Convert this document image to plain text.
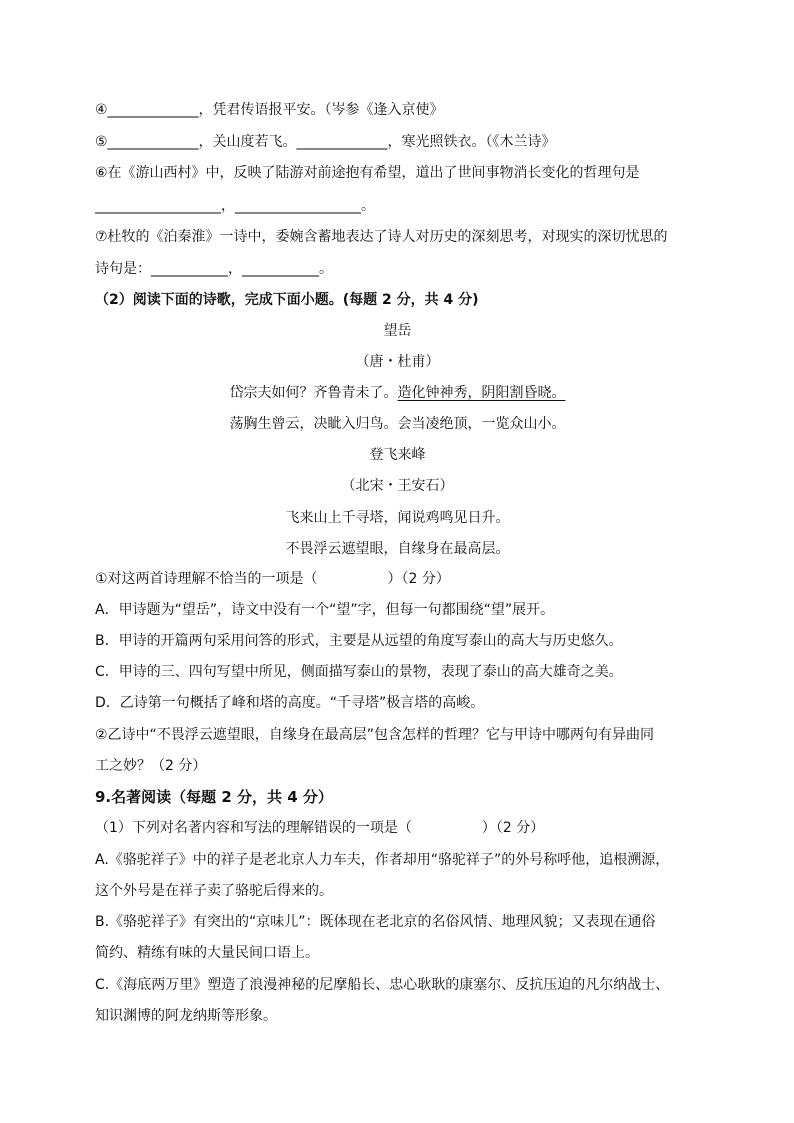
④_____________，凭君传语报平安。（岑参《逢入京使》
⑤_____________，关山度若飞。_____________，寒光照铁衣。（《木兰诗》
⑥在《游山西村》中，反映了陆游对前途抱有希望，道出了世间事物消长变化的哲理句是
__________________，__________________。
⑦杜牧的《泊秦淮》一诗中，委婉含蓄地表达了诗人对历史的深刻思考，对现实的深切忧思的
诗句是：___________，___________。
（2）阅读下面的诗歌，完成下面小题。(每题 2 分，共 4 分)
望岳
（唐・杜甫）
岱宗夫如何？齐鲁青未了。造化钟神秀，阴阳割昏晓。
荡胸生曾云，决眦入归鸟。会当凌绝顶，一览众山小。
登飞来峰
（北宋・王安石）
飞来山上千寻塔，闻说鸡鸣见日升。
不畏浮云遮望眼，自缘身在最高层。
①对这两首诗理解不恰当的一项是（　　　　　）（2 分）
A．甲诗题为“望岳”，诗文中没有一个“望”字，但每一句都围绕“望”展开。
B．甲诗的开篇两句采用问答的形式，主要是从远望的角度写泰山的高大与历史悠久。
C．甲诗的三、四句写望中所见，侧面描写泰山的景物，表现了泰山的高大雄奇之美。
D．乙诗第一句概括了峰和塔的高度。“千寻塔”极言塔的高峻。
②乙诗中“不畏浮云遮望眼，自缘身在最高层”包含怎样的哲理？它与甲诗中哪两句有异曲同
工之妙？（2 分）
9.名著阅读（每题 2 分，共 4 分）
（1）下列对名著内容和写法的理解错误的一项是（　　　　　）（2 分）
A.《骆驼祥子》中的祥子是老北京人力车夫，作者却用“骆驼祥子”的外号称呼他，追根溯源，
这个外号是在祥子卖了骆驼后得来的。
B.《骆驼祥子》有突出的“京味儿”：既体现在老北京的名俗风情、地理风貌；又表现在通俗
简约、精练有味的大量民间口语上。
C.《海底两万里》塑造了浪漫神秘的尼摩船长、忠心耿耿的康塞尔、反抗压迫的凡尔纳战士、
知识渊博的阿龙纳斯等形象。
